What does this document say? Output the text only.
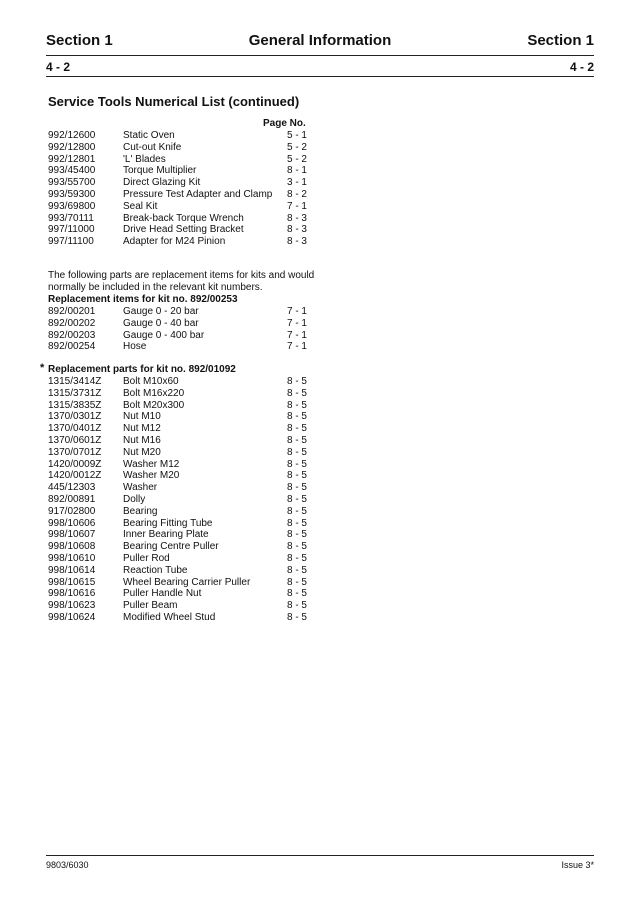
Section 1	General Information	Section 1
4 - 2	4 - 2
Service Tools Numerical List (continued)
Page No.
992/12600	Static Oven	5 - 1
992/12800	Cut-out Knife	5 - 2
992/12801	'L' Blades	5 - 2
993/45400	Torque Multiplier	8 - 1
993/55700	Direct Glazing Kit	3 - 1
993/59300	Pressure Test Adapter and Clamp 8 - 2
993/69800	Seal Kit	7 - 1
993/70111	Break-back Torque Wrench	8 - 3
997/11000	Drive Head Setting Bracket	8 - 3
997/11100	Adapter for M24 Pinion	8 - 3
The following parts are replacement items for kits and would normally be included in the relevant kit numbers.
Replacement items for kit no. 892/00253
892/00201	Gauge 0 - 20 bar	7 - 1
892/00202	Gauge 0 - 40 bar	7 - 1
892/00203	Gauge 0 - 400 bar	7 - 1
892/00254	Hose	7 - 1
* Replacement parts for kit no. 892/01092
1315/3414Z Bolt M10x60	8 - 5
1315/3731Z Bolt M16x220	8 - 5
1315/3835Z Bolt M20x300	8 - 5
1370/0301Z Nut M10	8 - 5
1370/0401Z Nut M12	8 - 5
1370/0601Z Nut M16	8 - 5
1370/0701Z Nut M20	8 - 5
1420/0009Z Washer M12	8 - 5
1420/0012Z Washer M20	8 - 5
445/12303	Washer	8 - 5
892/00891	Dolly	8 - 5
917/02800	Bearing	8 - 5
998/10606	Bearing Fitting Tube	8 - 5
998/10607	Inner Bearing Plate	8 - 5
998/10608	Bearing Centre Puller	8 - 5
998/10610	Puller Rod	8 - 5
998/10614	Reaction Tube	8 - 5
998/10615	Wheel Bearing Carrier Puller	8 - 5
998/10616	Puller Handle Nut	8 - 5
998/10623	Puller Beam	8 - 5
998/10624	Modified Wheel Stud	8 - 5
9803/6030	Issue 3*
